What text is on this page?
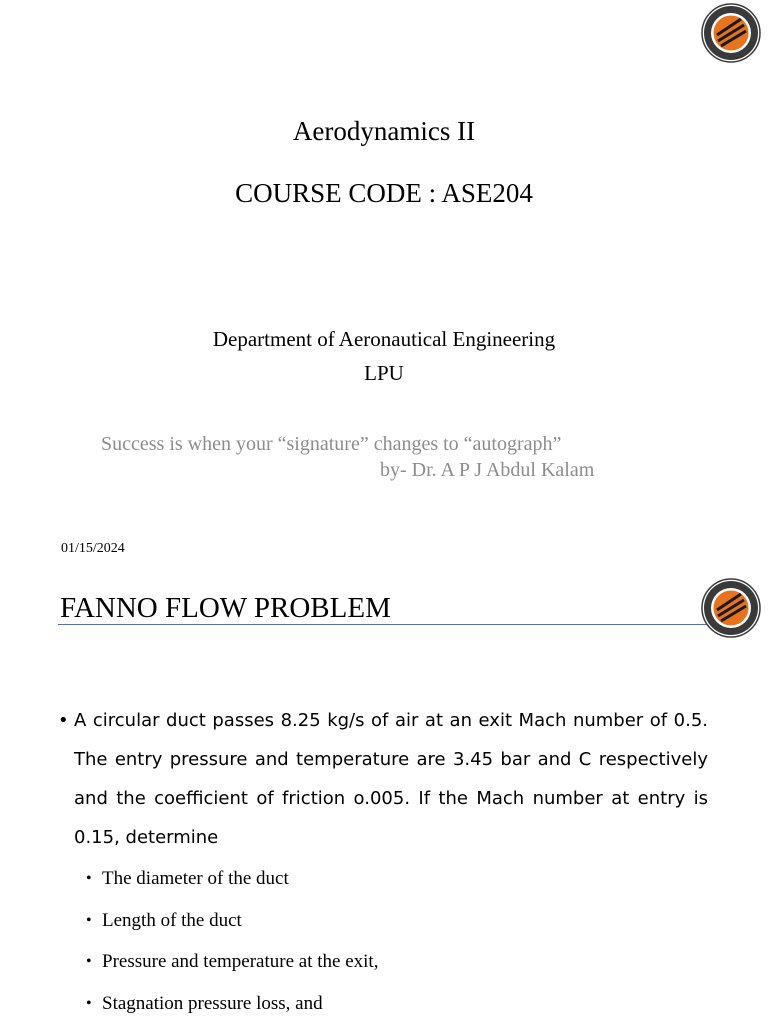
Aerodynamics II
COURSE CODE : ASE204
Department of Aeronautical Engineering
LPU
Success is when your “signature” changes to “autograph”
by- Dr. A P J Abdul Kalam
01/15/2024
FANNO FLOW PROBLEM
• A circular duct passes 8.25 kg/s of air at an exit Mach number of 0.5. The entry pressure and temperature are 3.45 bar and C respectively and the coefficient of friction o.005. If the Mach number at entry is 0.15, determine
• The diameter of the duct
• Length of the duct
• Pressure and temperature at the exit,
• Stagnation pressure loss, and
